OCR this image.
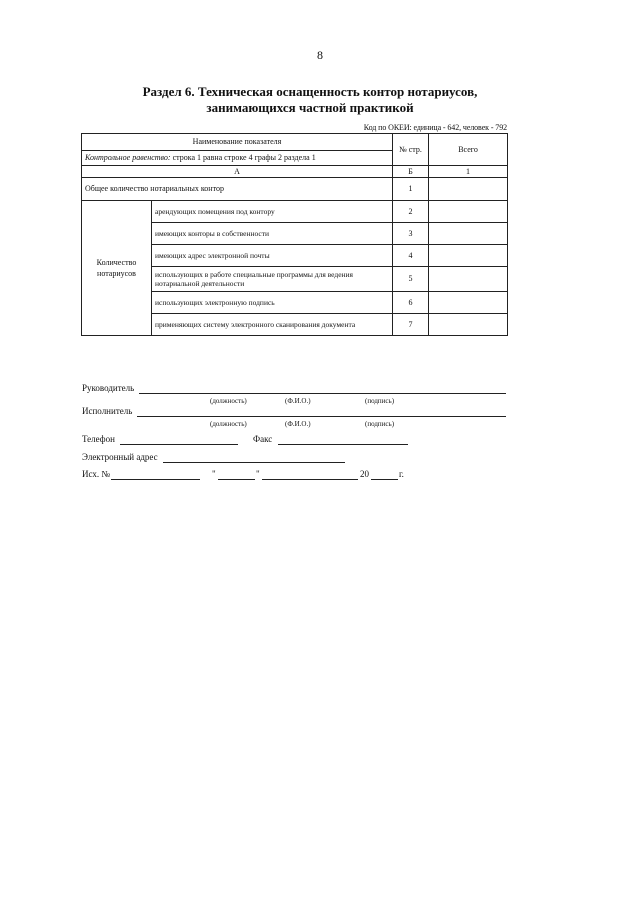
8
Раздел 6. Техническая оснащенность контор нотариусов,
занимающихся частной практикой
Код по ОКЕИ: единица - 642, человек - 792
Наименование показателя		№ стр.	Всего
Контрольное равенство: строка 1 равна строке 4 графы 2 раздела 1			
А		Б	1
Общее количество нотариальных контор		1	

Количество
нотариусов	арендующих помещения под контору	2	
	имеющих конторы в собственности	3	
	имеющих адрес электронной почты	4	
	использующих в работе специальные программы для ведения нотариальной деятельности	5	
	использующих электронную подпись	6	
	применяющих систему электронного сканирования документа	7	
Руководитель
(должность)	(Ф.И.О.)	(подпись)
Исполнитель
(должность)	(Ф.И.О.)	(подпись)
Телефон	Факс
Электронный адрес
Исх. №	"	"	20	г.
